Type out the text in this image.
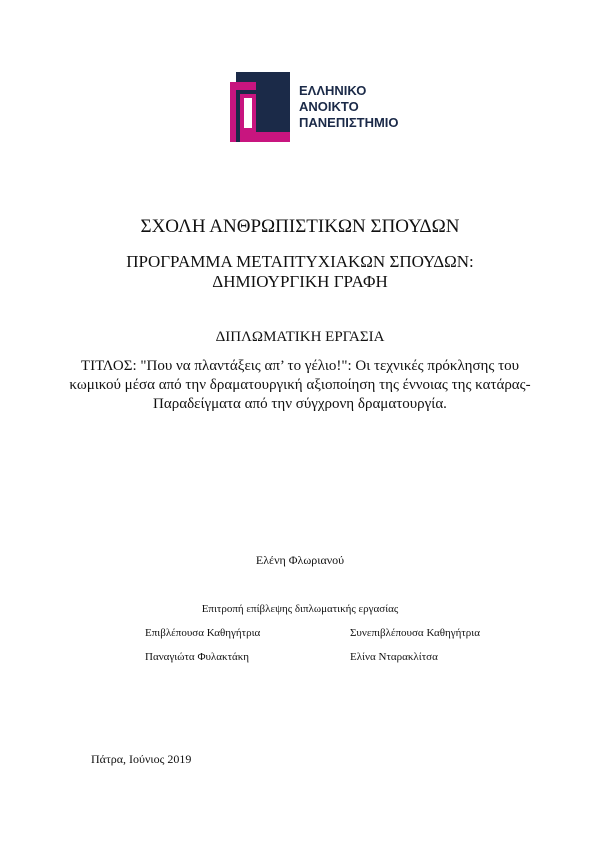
ΕΛΛΗΝΙΚΟ
ΑΝΟΙΚΤΟ
ΠΑΝΕΠΙΣΤΗΜΙΟ
ΣΧΟΛΗ ΑΝΘΡΩΠΙΣΤΙΚΩΝ ΣΠΟΥΔΩΝ
ΠΡΟΓΡΑΜΜΑ ΜΕΤΑΠΤΥΧΙΑΚΩΝ ΣΠΟΥΔΩΝ:
ΔΗΜΙΟΥΡΓΙΚΗ ΓΡΑΦΗ
ΔΙΠΛΩΜΑΤΙΚΗ ΕΡΓΑΣΙΑ
ΤΙΤΛΟΣ: "Που να πλαντάξεις απ’ το γέλιο!": Οι τεχνικές πρόκλησης του κωμικού μέσα από την δραματουργική αξιοποίηση της έννοιας της κατάρας- Παραδείγματα από την σύγχρονη δραματουργία.
Ελένη Φλωριανού
Επιτροπή επίβλεψης διπλωματικής εργασίας
Επιβλέπουσα Καθηγήτρια	Συνεπιβλέπουσα Καθηγήτρια
Παναγιώτα Φυλακτάκη	Ελίνα Νταρακλίτσα
Πάτρα, Ιούνιος 2019
